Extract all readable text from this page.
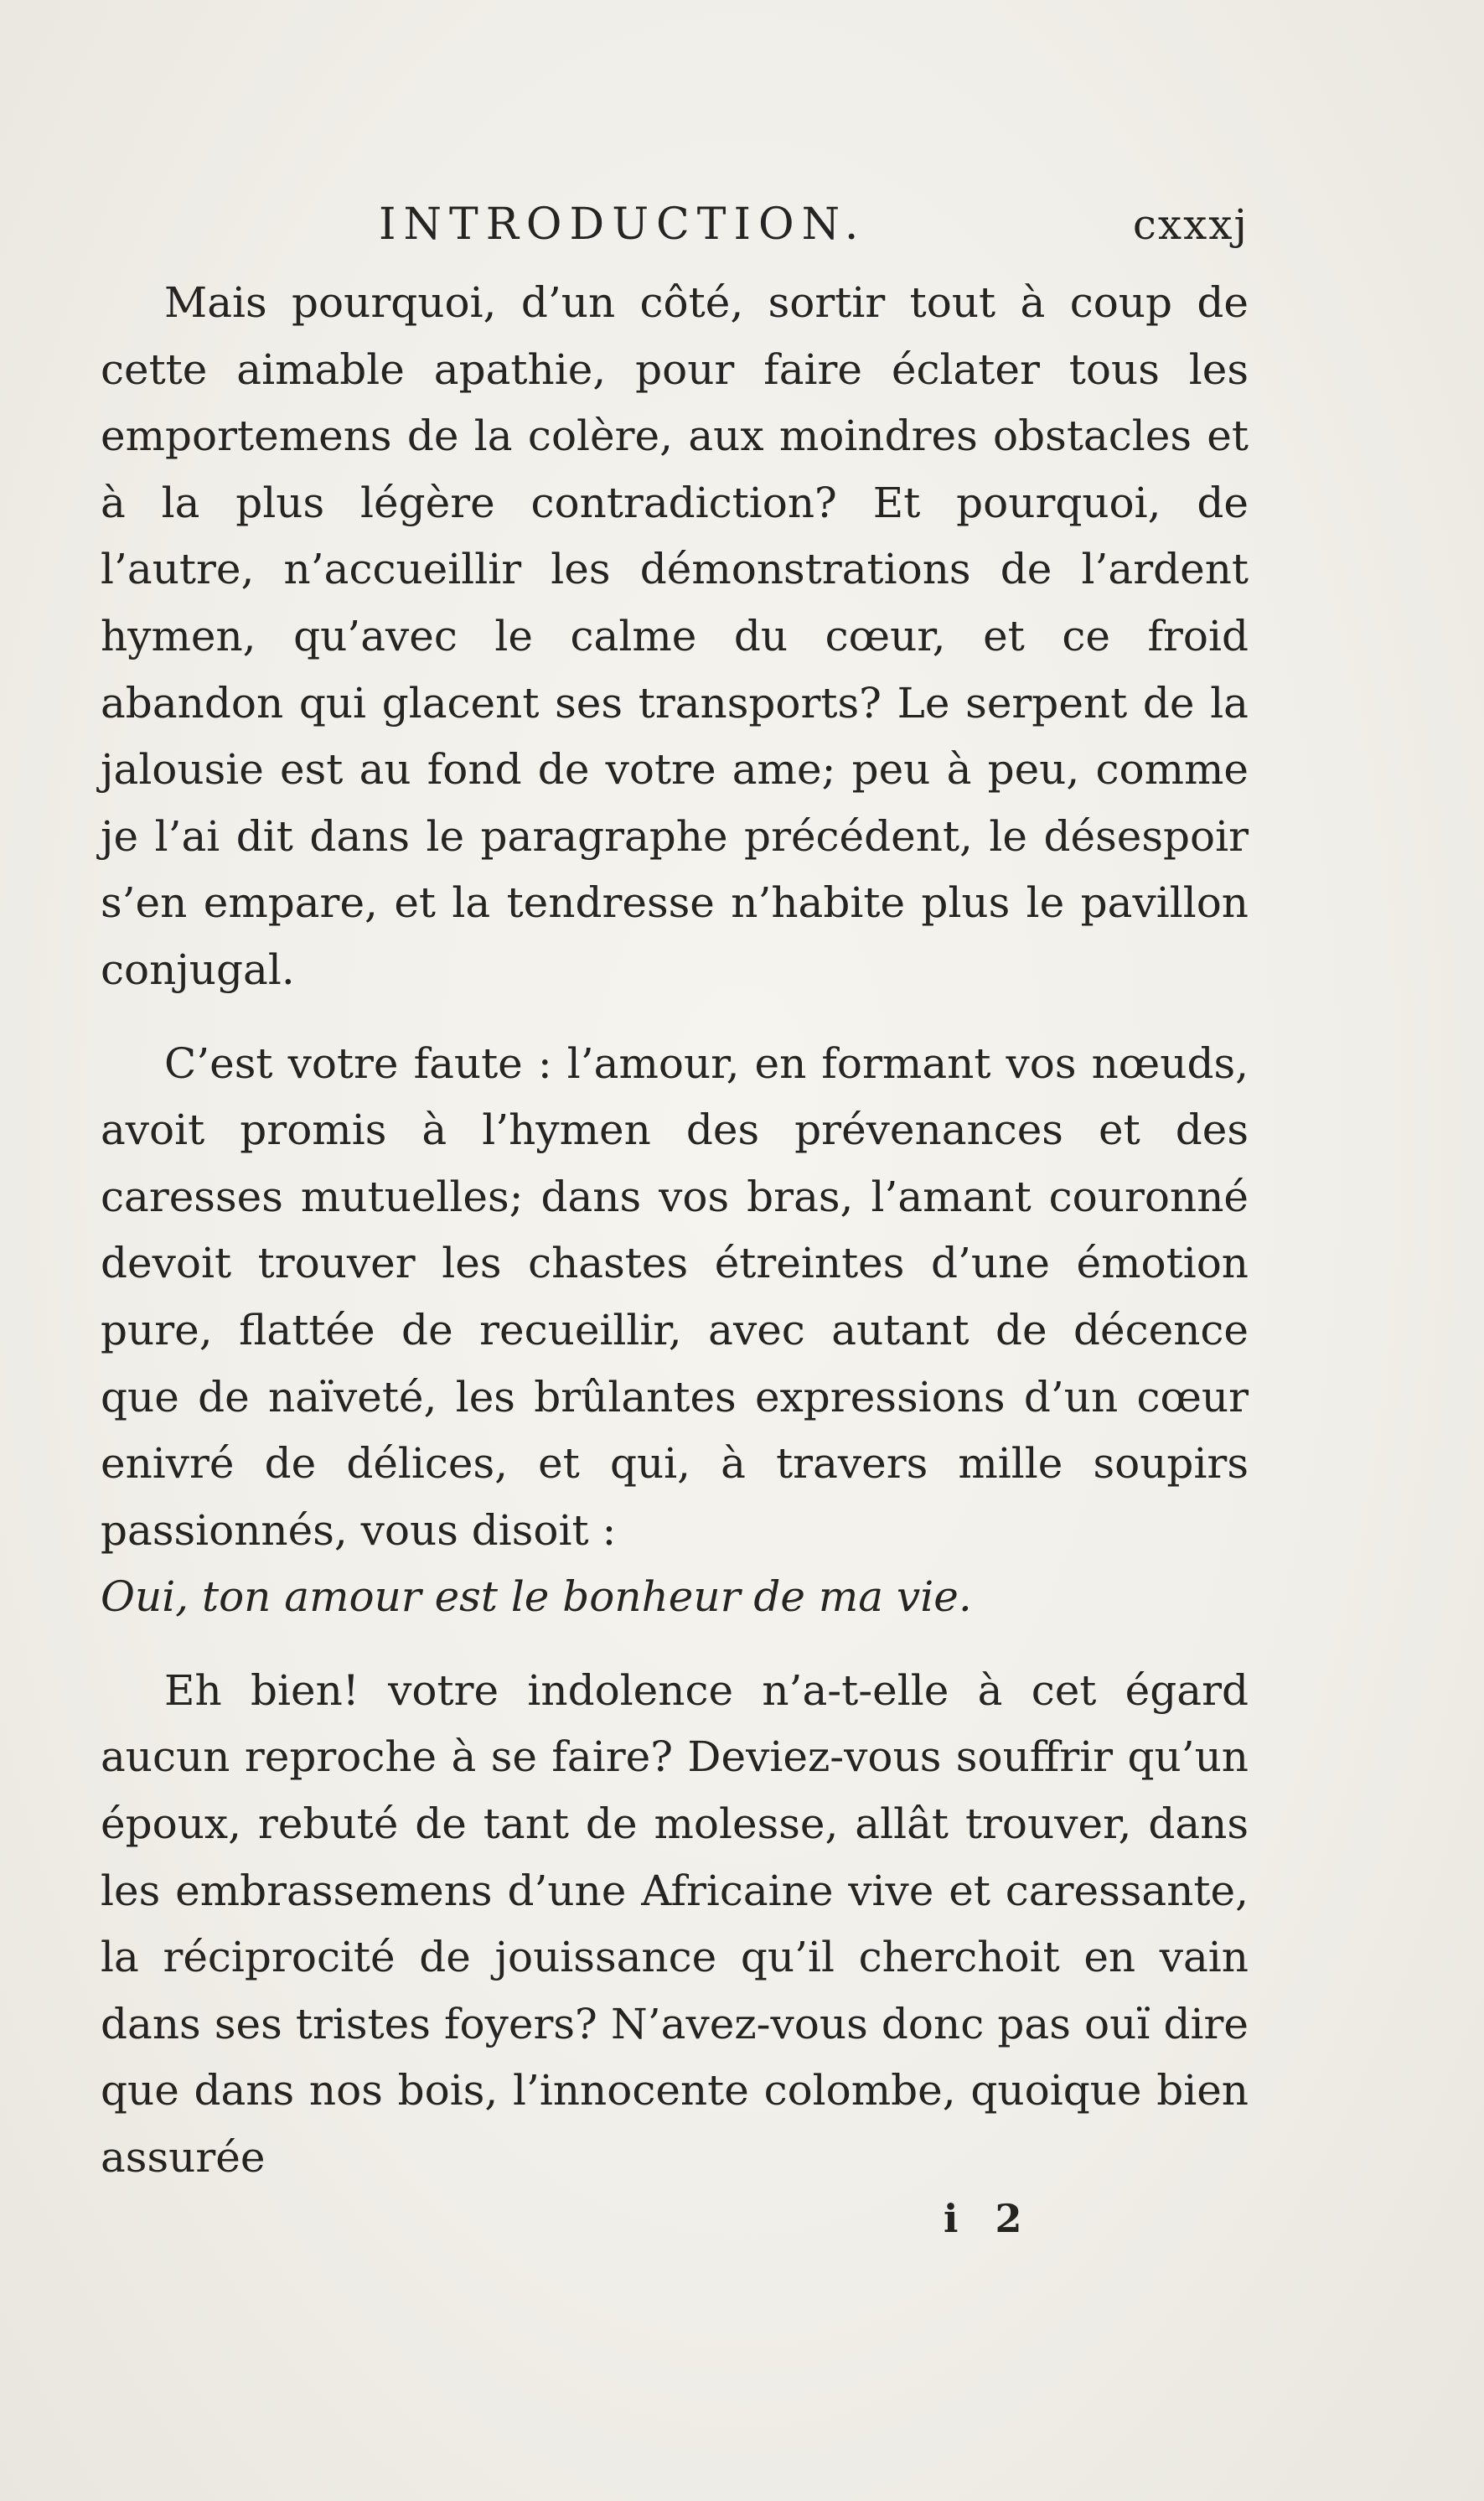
INTRODUCTION.	cxxxj

Mais pourquoi, d’un côté, sortir tout à coup de cette aimable apathie, pour faire éclater tous les emportemens de la colère, aux moindres obstacles et à la plus légère contradiction? Et pourquoi, de l’autre, n’accueillir les démonstrations de l’ardent hymen, qu’avec le calme du cœur, et ce froid abandon qui glacent ses transports? Le serpent de la jalousie est au fond de votre ame; peu à peu, comme je l’ai dit dans le paragraphe précédent, le désespoir s’en empare, et la tendresse n’habite plus le pavillon conjugal.

C’est votre faute : l’amour, en formant vos nœuds, avoit promis à l’hymen des prévenances et des caresses mutuelles; dans vos bras, l’amant couronné devoit trouver les chastes étreintes d’une émotion pure, flattée de recueillir, avec autant de décence que de naïveté, les brûlantes expressions d’un cœur enivré de délices, et qui, à travers mille soupirs passionnés, vous disoit :
Oui, ton amour est le bonheur de ma vie.

Eh bien! votre indolence n’a-t-elle à cet égard aucun reproche à se faire? Deviez-vous souffrir qu’un époux, rebuté de tant de molesse, allât trouver, dans les embrassemens d’une Africaine vive et caressante, la réciprocité de jouissance qu’il cherchoit en vain dans ses tristes foyers? N’avez-vous donc pas ouï dire que dans nos bois, l’innocente colombe, quoique bien assurée

i 2
